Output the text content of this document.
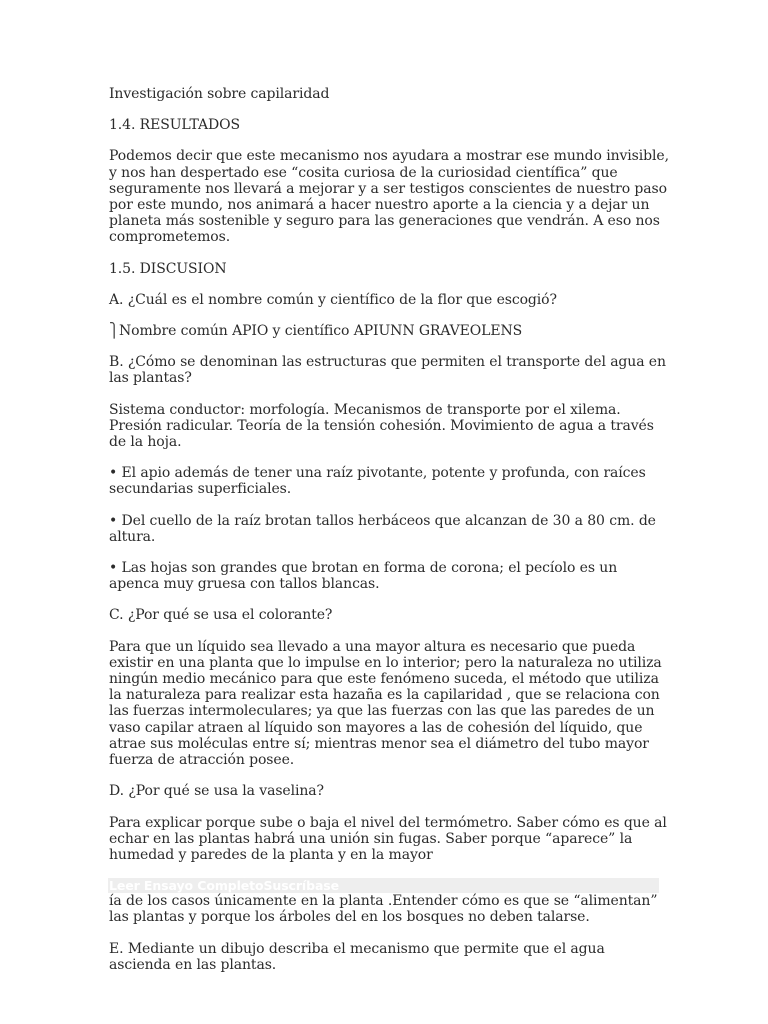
Investigación sobre capilaridad

1.4. RESULTADOS

Podemos decir que este mecanismo nos ayudara a mostrar ese mundo invisible, y nos han despertado ese “cosita curiosa de la curiosidad científica” que seguramente nos llevará a mejorar y a ser testigos conscientes de nuestro paso por este mundo, nos animará a hacer nuestro aporte a la ciencia y a dejar un planeta más sostenible y seguro para las generaciones que vendrán. A eso nos comprometemos.

1.5. DISCUSION

A. ¿Cuál es el nombre común y científico de la flor que escogió?

⎫Nombre común APIO y científico APIUNN GRAVEOLENS

B. ¿Cómo se denominan las estructuras que permiten el transporte del agua en las plantas?

Sistema conductor: morfología. Mecanismos de transporte por el xilema. Presión radicular. Teoría de la tensión cohesión. Movimiento de agua a través de la hoja.

• El apio además de tener una raíz pivotante, potente y profunda, con raíces secundarias superficiales.

• Del cuello de la raíz brotan tallos herbáceos que alcanzan de 30 a 80 cm. de altura.

• Las hojas son grandes que brotan en forma de corona; el pecíolo es un apenca muy gruesa con tallos blancas.

C. ¿Por qué se usa el colorante?

Para que un líquido sea llevado a una mayor altura es necesario que pueda existir en una planta que lo impulse en lo interior; pero la naturaleza no utiliza ningún medio mecánico para que este fenómeno suceda, el método que utiliza la naturaleza para realizar esta hazaña es la capilaridad , que se relaciona con las fuerzas intermoleculares; ya que las fuerzas con las que las paredes de un vaso capilar atraen al líquido son mayores a las de cohesión del líquido, que atrae sus moléculas entre sí; mientras menor sea el diámetro del tubo mayor fuerza de atracción posee.

D. ¿Por qué se usa la vaselina?

Para explicar porque sube o baja el nivel del termómetro. Saber cómo es que al echar en las plantas habrá una unión sin fugas. Saber porque “aparece” la humedad y paredes de la planta y en la mayor

Leer Ensayo CompletoSuscríbase

ía de los casos únicamente en la planta .Entender cómo es que se “alimentan” las plantas y porque los árboles del en los bosques no deben talarse.

E. Mediante un dibujo describa el mecanismo que permite que el agua ascienda en las plantas.
